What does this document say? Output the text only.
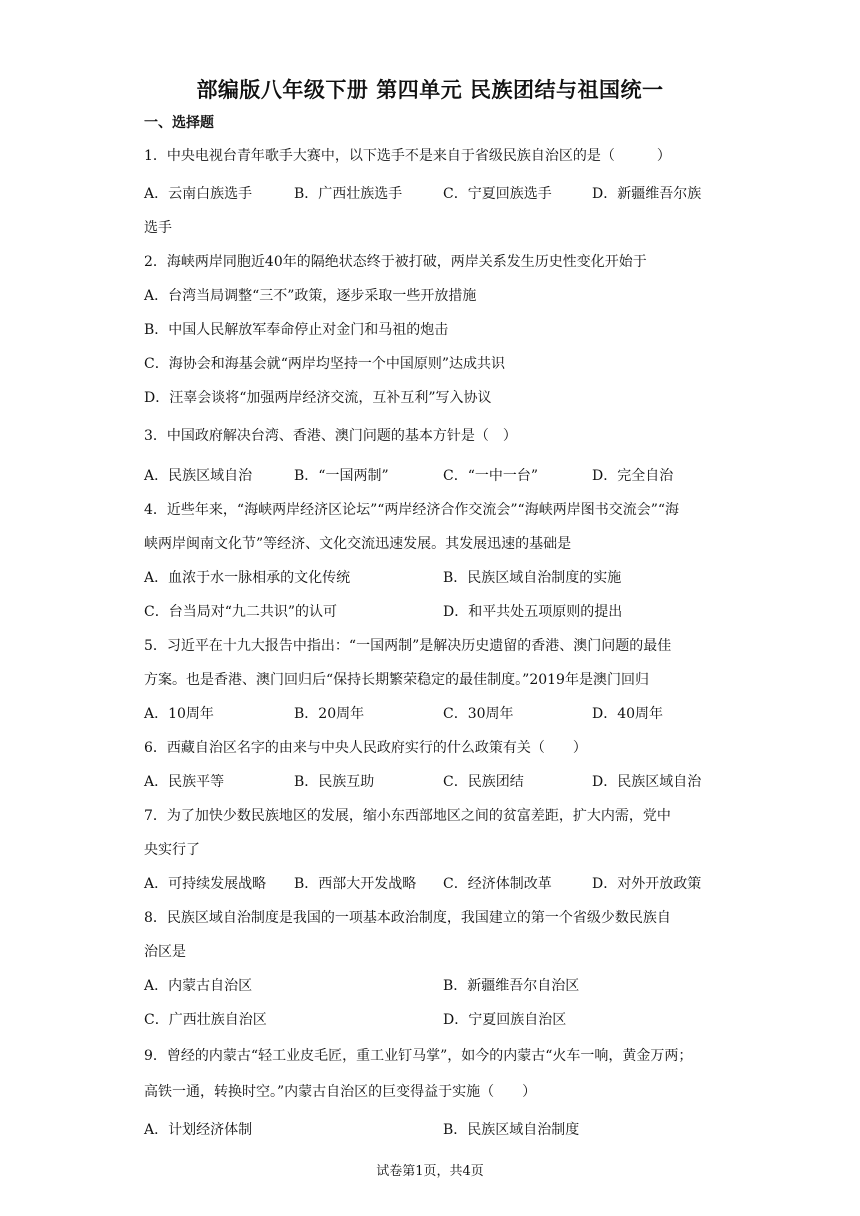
部编版八年级下册 第四单元 民族团结与祖国统一
一、选择题
1．中央电视台青年歌手大赛中，以下选手不是来自于省级民族自治区的是（　　　）
A．云南白族选手	B．广西壮族选手	C．宁夏回族选手	D．新疆维吾尔族
选手
2．海峡两岸同胞近40年的隔绝状态终于被打破，两岸关系发生历史性变化开始于
A．台湾当局调整“三不”政策，逐步采取一些开放措施
B．中国人民解放军奉命停止对金门和马祖的炮击
C．海协会和海基会就“两岸均坚持一个中国原则”达成共识
D．汪辜会谈将“加强两岸经济交流，互补互利”写入协议
3．中国政府解决台湾、香港、澳门问题的基本方针是（　）
A．民族区域自治	B．“一国两制”	C．“一中一台”	D．完全自治
4．近些年来，“海峡两岸经济区论坛”“两岸经济合作交流会”“海峡两岸图书交流会”“海
峡两岸闽南文化节”等经济、文化交流迅速发展。其发展迅速的基础是
A．血浓于水一脉相承的文化传统	B．民族区域自治制度的实施
C．台当局对“九二共识”的认可	D．和平共处五项原则的提出
5．习近平在十九大报告中指出：“一国两制”是解决历史遗留的香港、澳门问题的最佳
方案。也是香港、澳门回归后“保持长期繁荣稳定的最佳制度。”2019年是澳门回归
A．10周年	B．20周年	C．30周年	D．40周年
6．西藏自治区名字的由来与中央人民政府实行的什么政策有关（　　）
A．民族平等	B．民族互助	C．民族团结	D．民族区域自治
7．为了加快少数民族地区的发展，缩小东西部地区之间的贫富差距，扩大内需，党中
央实行了
A．可持续发展战略 B．西部大开发战略 C．经济体制改革	D．对外开放政策
8．民族区域自治制度是我国的一项基本政治制度，我国建立的第一个省级少数民族自
治区是
A．内蒙古自治区	B．新疆维吾尔自治区
C．广西壮族自治区	D．宁夏回族自治区
9．曾经的内蒙古“轻工业皮毛匠，重工业钉马掌”，如今的内蒙古“火车一响，黄金万两；
高铁一通，转换时空。”内蒙古自治区的巨变得益于实施（　　）
A．计划经济体制	B．民族区域自治制度
试卷第1页，共4页
